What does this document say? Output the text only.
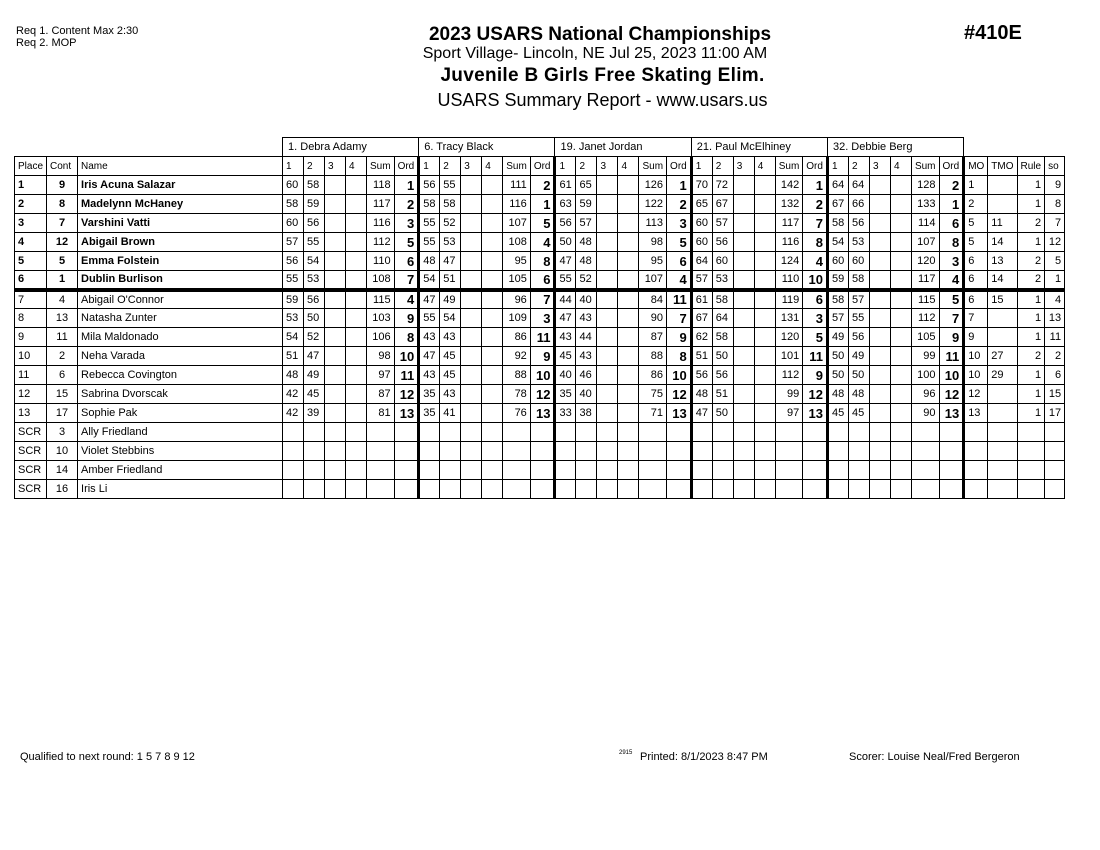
Req 1. Content Max 2:30
Req 2. MOP	2023 USARS National Championships
Sport Village- Lincoln, NE Jul 25, 2023 11:00 AM
Juvenile B Girls Free Skating Elim.
USARS Summary Report - www.usars.us
#410E
			1. Debra Adamy						6. Tracy Black						19. Janet Jordan						21. Paul McElhiney						32. Debbie Berg									
Place	Cont	Name	1	2	3	4	Sum	Ord	1	2	3	4	Sum	Ord	1	2	3	4	Sum	Ord	1	2	3	4	Sum	Ord	1	2	3	4	Sum	Ord	MO	TMO	Rule	so
1	9	Iris Acuna Salazar	60	58			118	1	56	55			111	2	61	65			126	1	70	72			142	1	64	64			128	2	1		1	9
2	8	Madelynn McHaney	58	59			117	2	58	58			116	1	63	59			122	2	65	67			132	2	67	66			133	1	2		1	8
3	7	Varshini Vatti	60	56			116	3	55	52			107	5	56	57			113	3	60	57			117	7	58	56			114	6	5	11	2	7
4	12	Abigail Brown	57	55			112	5	55	53			108	4	50	48			98	5	60	56			116	8	54	53			107	8	5	14	1	12
5	5	Emma Folstein	56	54			110	6	48	47			95	8	47	48			95	6	64	60			124	4	60	60			120	3	6	13	2	5
6	1	Dublin Burlison	55	53			108	7	54	51			105	6	55	52			107	4	57	53			110	10	59	58			117	4	6	14	2	1
7	4	Abigail O'Connor	59	56			115	4	47	49			96	7	44	40			84	11	61	58			119	6	58	57			115	5	6	15	1	4
8	13	Natasha Zunter	53	50			103	9	55	54			109	3	47	43			90	7	67	64			131	3	57	55			112	7	7		1	13
9	11	Mila Maldonado	54	52			106	8	43	43			86	11	43	44			87	9	62	58			120	5	49	56			105	9	9		1	11
10	2	Neha Varada	51	47			98	10	47	45			92	9	45	43			88	8	51	50			101	11	50	49			99	11	10	27	2	2
11	6	Rebecca Covington	48	49			97	11	43	45			88	10	40	46			86	10	56	56			112	9	50	50			100	10	10	29	1	6
12	15	Sabrina Dvorscak	42	45			87	12	35	43			78	12	35	40			75	12	48	51			99	12	48	48			96	12	12		1	15
13	17	Sophie Pak	42	39			81	13	35	41			76	13	33	38			71	13	47	50			97	13	45	45			90	13	13		1	17
SCR	3	Ally Friedland																																		
SCR	10	Violet Stebbins																																		
SCR	14	Amber Friedland																																		
SCR	16	Iris Li																																		
Qualified to next round: 1 5 7 8 9 12	2915 Printed: 8/1/2023 8:47 PM	Scorer: Louise Neal/Fred Bergeron
